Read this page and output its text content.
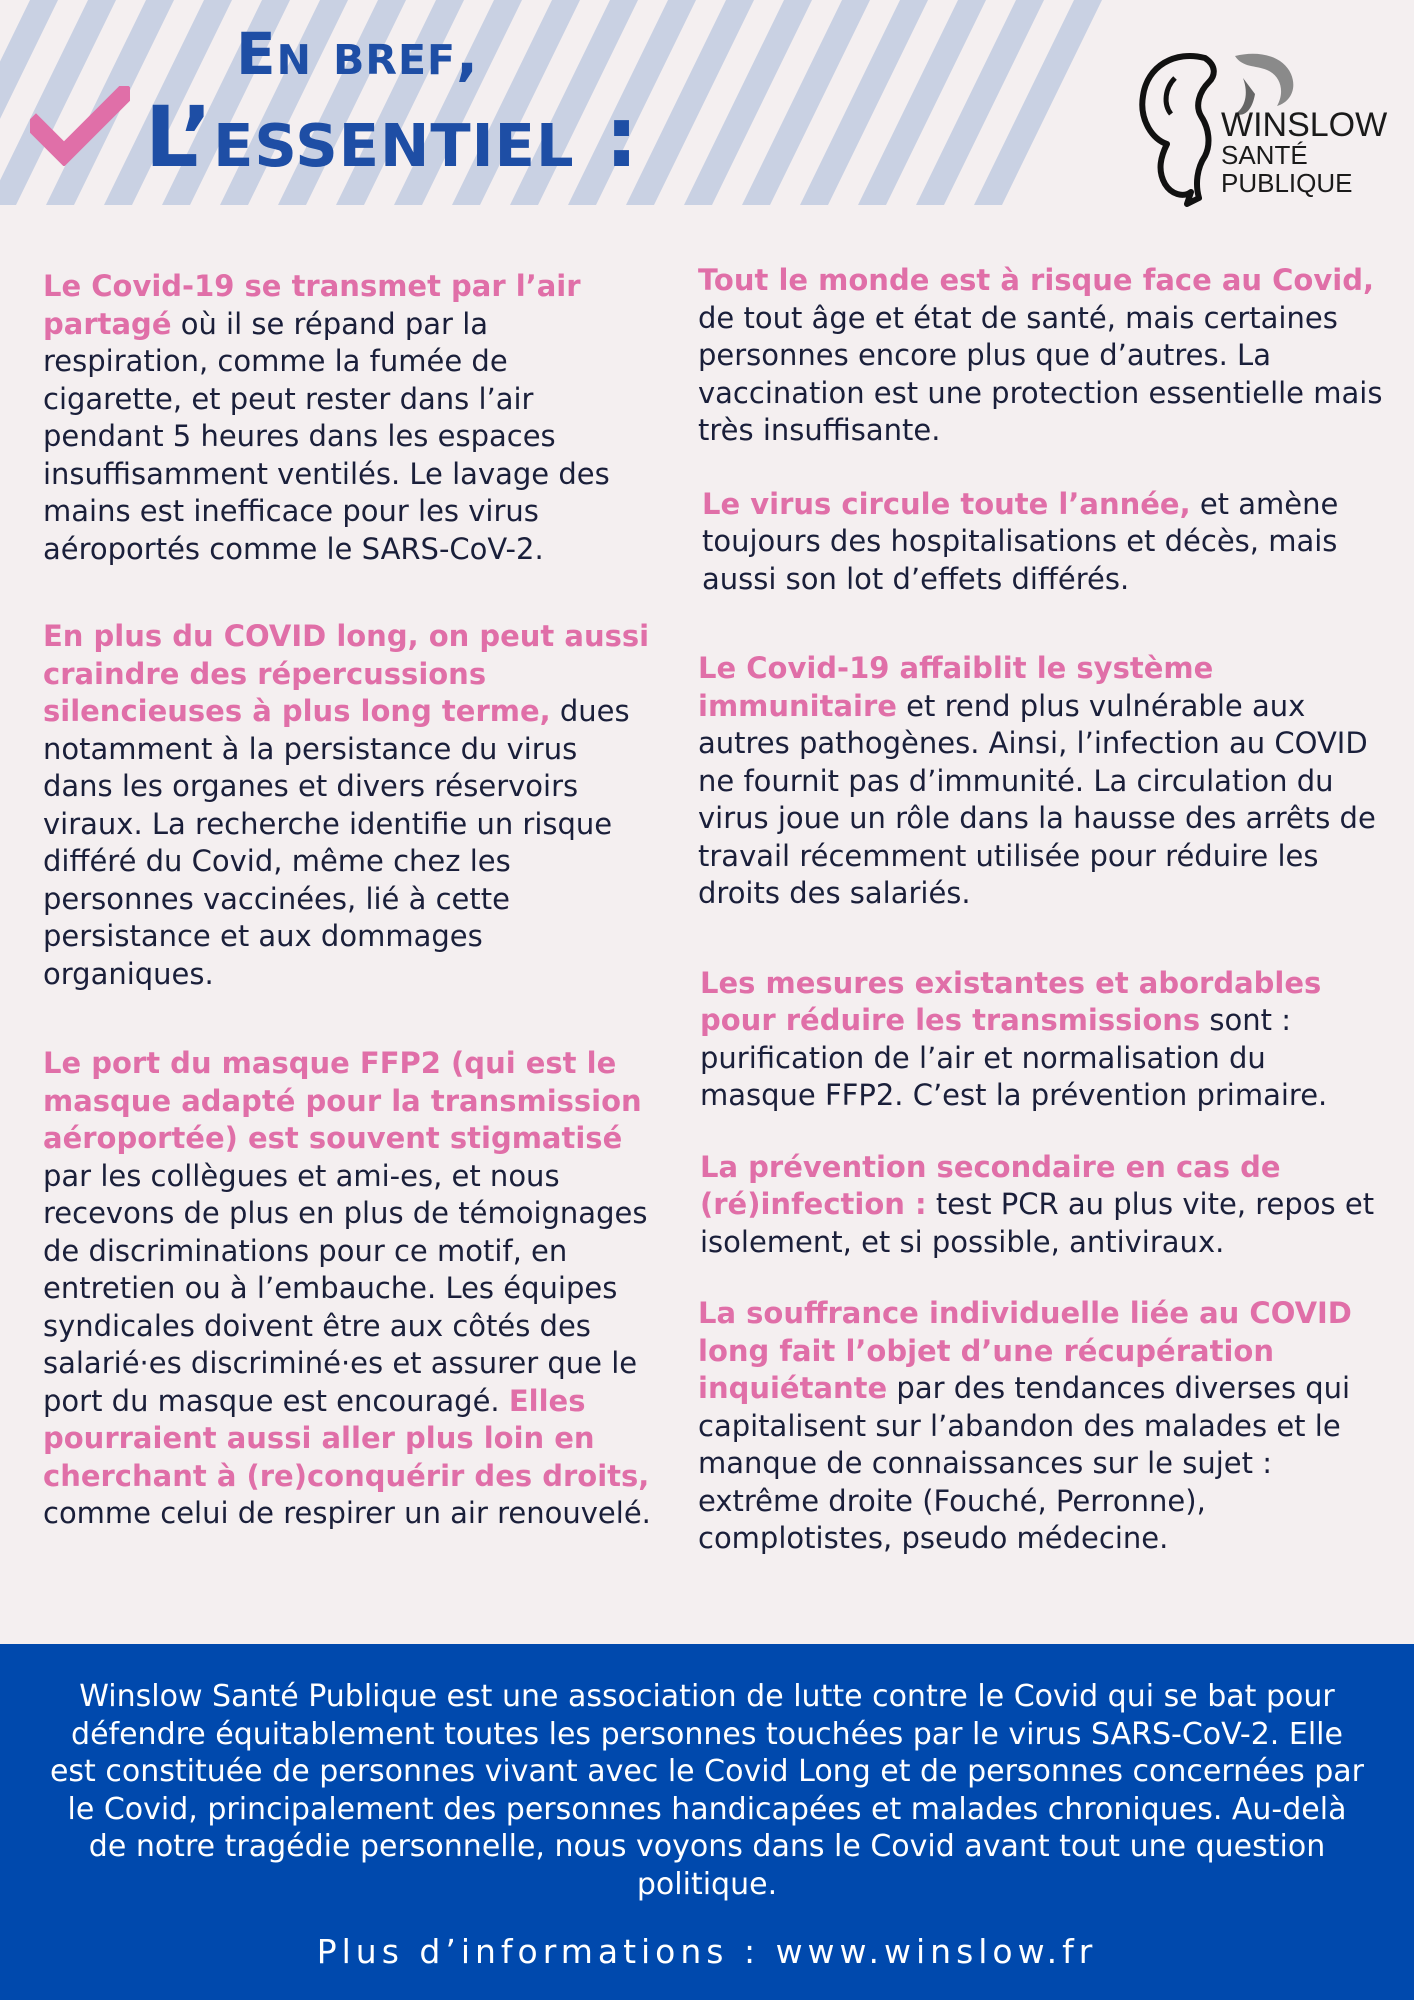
En bref,
L’essentiel :	WINSLOW
SANTÉ
PUBLIQUE

Le Covid-19 se transmet par l’air partagé où il se répand par la respiration, comme la fumée de cigarette, et peut rester dans l’air pendant 5 heures dans les espaces insuffisamment ventilés. Le lavage des mains est inefficace pour les virus aéroportés comme le SARS-CoV-2.

En plus du COVID long, on peut aussi craindre des répercussions silencieuses à plus long terme, dues notamment à la persistance du virus dans les organes et divers réservoirs viraux. La recherche identifie un risque différé du Covid, même chez les personnes vaccinées, lié à cette persistance et aux dommages organiques.

Le port du masque FFP2 (qui est le masque adapté pour la transmission aéroportée) est souvent stigmatisé par les collègues et ami-es, et nous recevons de plus en plus de témoignages de discriminations pour ce motif, en entretien ou à l’embauche. Les équipes syndicales doivent être aux côtés des salarié·es discriminé·es et assurer que le port du masque est encouragé. Elles pourraient aussi aller plus loin en cherchant à (re)conquérir des droits, comme celui de respirer un air renouvelé.

Tout le monde est à risque face au Covid, de tout âge et état de santé, mais certaines personnes encore plus que d’autres. La vaccination est une protection essentielle mais très insuffisante.

Le virus circule toute l’année, et amène toujours des hospitalisations et décès, mais aussi son lot d’effets différés.

Le Covid-19 affaiblit le système immunitaire et rend plus vulnérable aux autres pathogènes. Ainsi, l’infection au COVID ne fournit pas d’immunité. La circulation du virus joue un rôle dans la hausse des arrêts de travail récemment utilisée pour réduire les droits des salariés.

Les mesures existantes et abordables pour réduire les transmissions sont : purification de l’air et normalisation du masque FFP2. C’est la prévention primaire.

La prévention secondaire en cas de (ré)infection : test PCR au plus vite, repos et isolement, et si possible, antiviraux.

La souffrance individuelle liée au COVID long fait l’objet d’une récupération inquiétante par des tendances diverses qui capitalisent sur l’abandon des malades et le manque de connaissances sur le sujet : extrême droite (Fouché, Perronne), complotistes, pseudo médecine.

Winslow Santé Publique est une association de lutte contre le Covid qui se bat pour défendre équitablement toutes les personnes touchées par le virus SARS-CoV-2. Elle est constituée de personnes vivant avec le Covid Long et de personnes concernées par le Covid, principalement des personnes handicapées et malades chroniques. Au-delà de notre tragédie personnelle, nous voyons dans le Covid avant tout une question politique.
Plus d’informations : www.winslow.fr
